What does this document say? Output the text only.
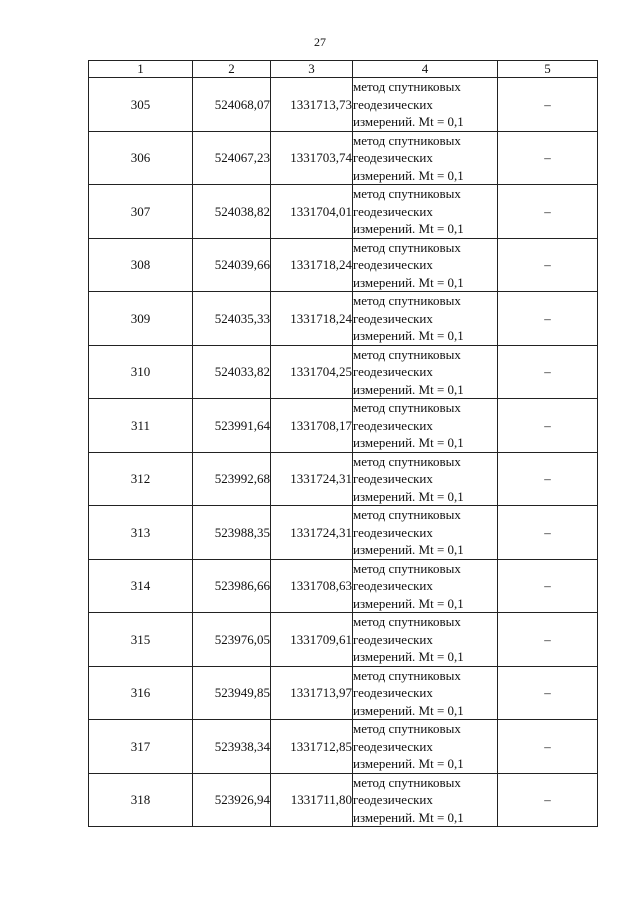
27
1	2	3	4	5
305	524068,07	1331713,73	метод спутниковых
геодезических
измерений. Mt = 0,1	–
306	524067,23	1331703,74	метод спутниковых
геодезических
измерений. Mt = 0,1	–
307	524038,82	1331704,01	метод спутниковых
геодезических
измерений. Mt = 0,1	–
308	524039,66	1331718,24	метод спутниковых
геодезических
измерений. Mt = 0,1	–
309	524035,33	1331718,24	метод спутниковых
геодезических
измерений. Mt = 0,1	–
310	524033,82	1331704,25	метод спутниковых
геодезических
измерений. Mt = 0,1	–
311	523991,64	1331708,17	метод спутниковых
геодезических
измерений. Mt = 0,1	–
312	523992,68	1331724,31	метод спутниковых
геодезических
измерений. Mt = 0,1	–
313	523988,35	1331724,31	метод спутниковых
геодезических
измерений. Mt = 0,1	–
314	523986,66	1331708,63	метод спутниковых
геодезических
измерений. Mt = 0,1	–
315	523976,05	1331709,61	метод спутниковых
геодезических
измерений. Mt = 0,1	–
316	523949,85	1331713,97	метод спутниковых
геодезических
измерений. Mt = 0,1	–
317	523938,34	1331712,85	метод спутниковых
геодезических
измерений. Mt = 0,1	–
318	523926,94	1331711,80	метод спутниковых
геодезических
измерений. Mt = 0,1	–
